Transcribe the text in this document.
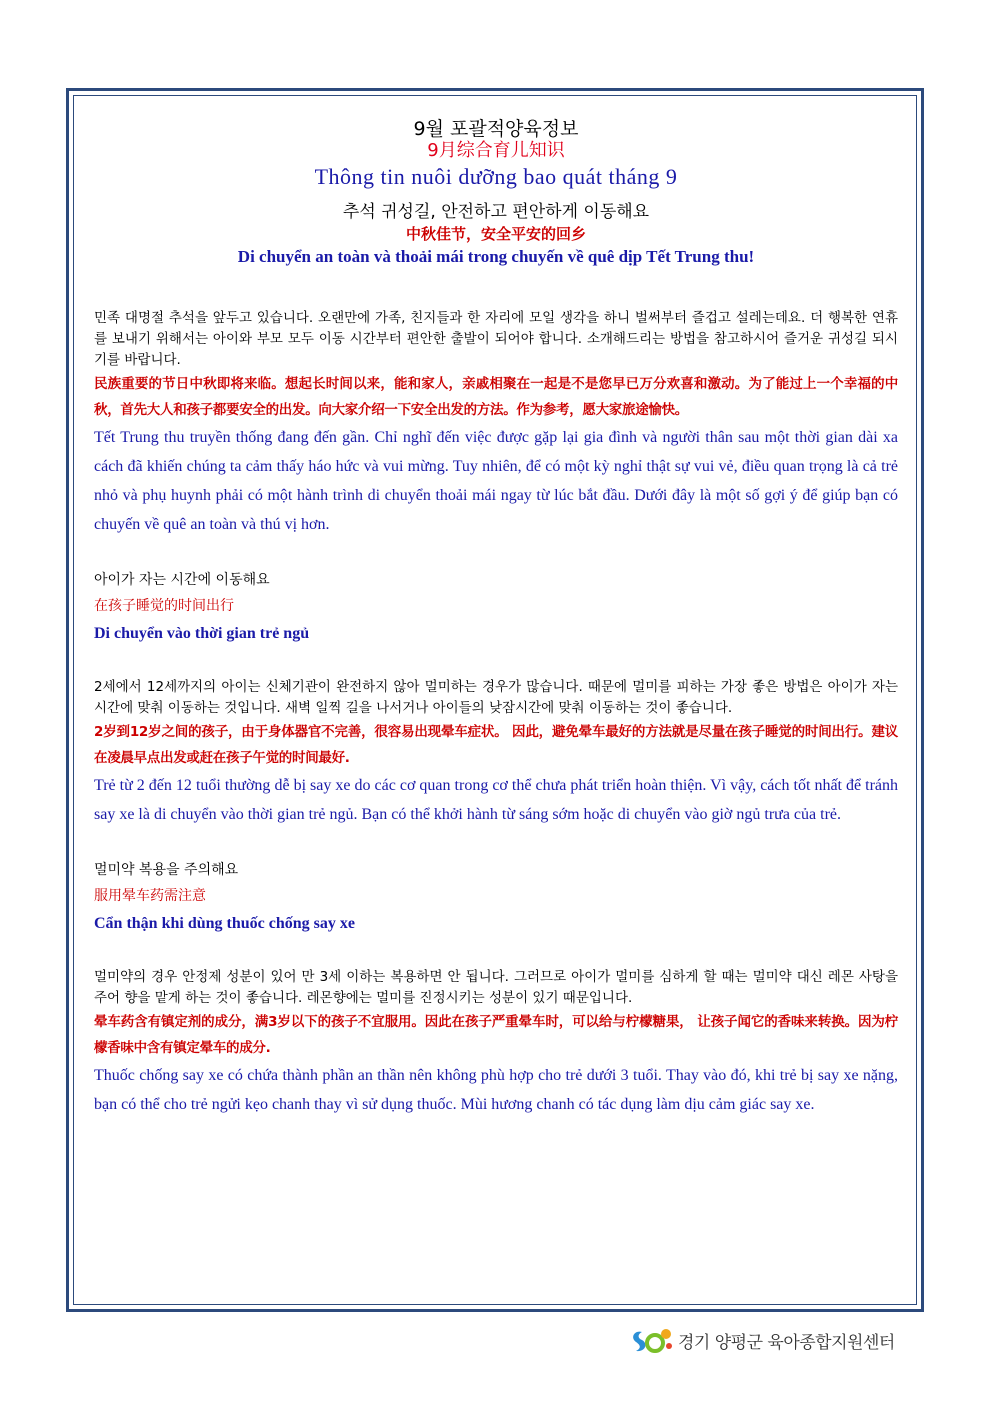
9월 포괄적양육정보
9月综合育儿知识
Thông tin nuôi dưỡng bao quát tháng 9
추석 귀성길, 안전하고 편안하게 이동해요
中秋佳节，安全平安的回乡
Di chuyển an toàn và thoải mái trong chuyến về quê dịp Tết Trung thu!
민족 대명절 추석을 앞두고 있습니다. 오랜만에 가족, 친지들과 한 자리에 모일 생각을 하니 벌써부터 즐겁고 설레는데요. 더 행복한 연휴를 보내기 위해서는 아이와 부모 모두 이동 시간부터 편안한 출발이 되어야 합니다. 소개해드리는 방법을 참고하시어 즐거운 귀성길 되시기를 바랍니다.
民族重要的节日中秋即将来临。想起长时间以来，能和家人，亲戚相聚在一起是不是您早已万分欢喜和激动。为了能过上一个幸福的中秋，首先大人和孩子都要安全的出发。向大家介绍一下安全出发的方法。作为参考，愿大家旅途愉快。
Tết Trung thu truyền thống đang đến gần. Chỉ nghĩ đến việc được gặp lại gia đình và người thân sau một thời gian dài xa cách đã khiến chúng ta cảm thấy háo hức và vui mừng. Tuy nhiên, để có một kỳ nghỉ thật sự vui vẻ, điều quan trọng là cả trẻ nhỏ và phụ huynh phải có một hành trình di chuyển thoải mái ngay từ lúc bắt đầu. Dưới đây là một số gợi ý để giúp bạn có chuyến về quê an toàn và thú vị hơn.
아이가 자는 시간에 이동해요
在孩子睡觉的时间出行
Di chuyển vào thời gian trẻ ngủ
2세에서 12세까지의 아이는 신체기관이 완전하지 않아 멀미하는 경우가 많습니다. 때문에 멀미를 피하는 가장 좋은 방법은 아이가 자는 시간에 맞춰 이동하는 것입니다. 새벽 일찍 길을 나서거나 아이들의 낮잠시간에 맞춰 이동하는 것이 좋습니다.
2岁到12岁之间的孩子，由于身体器官不完善，很容易出现晕车症状。 因此，避免晕车最好的方法就是尽量在孩子睡觉的时间出行。建议在凌晨早点出发或赶在孩子午觉的时间最好.
Trẻ từ 2 đến 12 tuổi thường dễ bị say xe do các cơ quan trong cơ thể chưa phát triển hoàn thiện. Vì vậy, cách tốt nhất để tránh say xe là di chuyển vào thời gian trẻ ngủ. Bạn có thể khởi hành từ sáng sớm hoặc di chuyển vào giờ ngủ trưa của trẻ.
멀미약 복용을 주의해요
服用晕车药需注意
Cẩn thận khi dùng thuốc chống say xe
멀미약의 경우 안정제 성분이 있어 만 3세 이하는 복용하면 안 됩니다. 그러므로 아이가 멀미를 심하게 할 때는 멀미약 대신 레몬 사탕을 주어 향을 맡게 하는 것이 좋습니다. 레몬향에는 멀미를 진정시키는 성분이 있기 때문입니다.
晕车药含有镇定剂的成分，满3岁以下的孩子不宜服用。因此在孩子严重晕车时，可以给与柠檬糖果， 让孩子闻它的香味来转换。因为柠檬香味中含有镇定晕车的成分.
Thuốc chống say xe có chứa thành phần an thần nên không phù hợp cho trẻ dưới 3 tuổi. Thay vào đó, khi trẻ bị say xe nặng, bạn có thể cho trẻ ngửi kẹo chanh thay vì sử dụng thuốc. Mùi hương chanh có tác dụng làm dịu cảm giác say xe.
경기 양평군 육아종합지원센터
